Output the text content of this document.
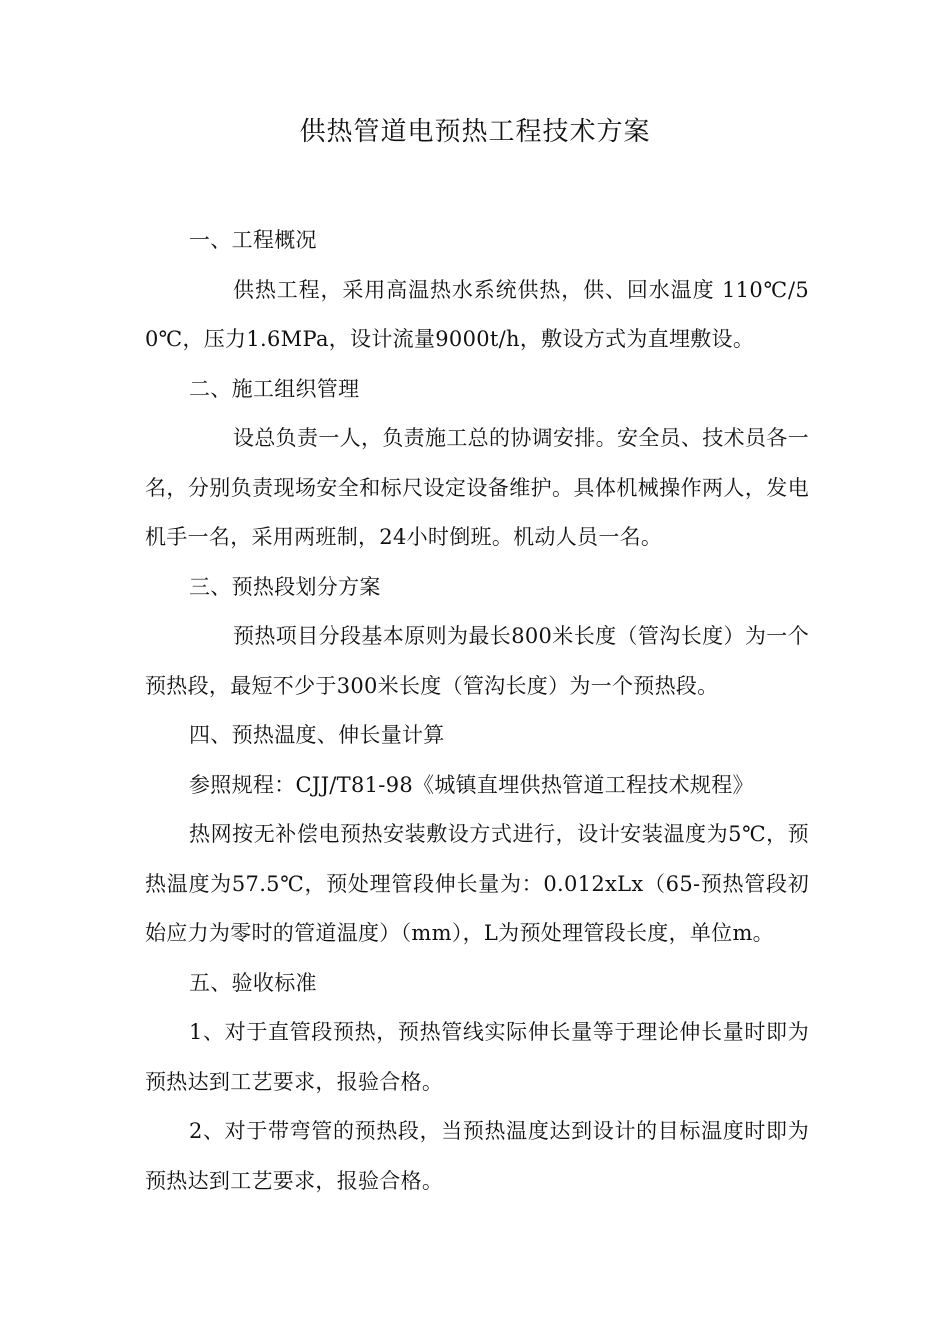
供热管道电预热工程技术方案

一、工程概况

供热工程，采用高温热水系统供热，供、回水温度 110℃/50℃，压力1.6MPa，设计流量9000t/h，敷设方式为直埋敷设。

二、施工组织管理

设总负责一人，负责施工总的协调安排。安全员、技术员各一名，分别负责现场安全和标尺设定设备维护。具体机械操作两人，发电机手一名，采用两班制，24小时倒班。机动人员一名。

三、预热段划分方案

预热项目分段基本原则为最长800米长度（管沟长度）为一个预热段，最短不少于300米长度（管沟长度）为一个预热段。

四、预热温度、伸长量计算

参照规程：CJJ/T81-98《城镇直埋供热管道工程技术规程》

热网按无补偿电预热安装敷设方式进行，设计安装温度为5℃，预热温度为57.5℃，预处理管段伸长量为：0.012xLx（65-预热管段初始应力为零时的管道温度）（mm），L为预处理管段长度，单位m。

五、验收标准

1、对于直管段预热，预热管线实际伸长量等于理论伸长量时即为预热达到工艺要求，报验合格。

2、对于带弯管的预热段，当预热温度达到设计的目标温度时即为预热达到工艺要求，报验合格。
